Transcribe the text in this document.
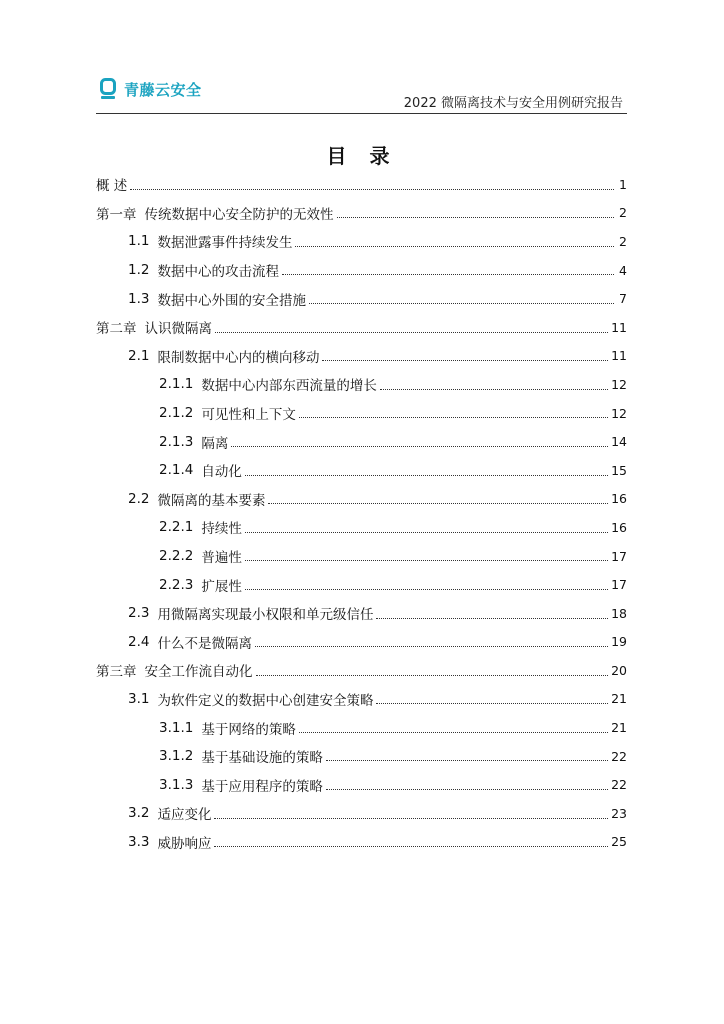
青藤云安全
2022 微隔离技术与安全用例研究报告
目 录
概 述	1
第一章 传统数据中心安全防护的无效性	2
1.1 数据泄露事件持续发生	2
1.2 数据中心的攻击流程	4
1.3 数据中心外围的安全措施	7
第二章 认识微隔离	11
2.1 限制数据中心内的横向移动	11
2.1.1 数据中心内部东西流量的增长	12
2.1.2 可见性和上下文	12
2.1.3 隔离	14
2.1.4 自动化	15
2.2 微隔离的基本要素	16
2.2.1 持续性	16
2.2.2 普遍性	17
2.2.3 扩展性	17
2.3 用微隔离实现最小权限和单元级信任	18
2.4 什么不是微隔离	19
第三章 安全工作流自动化	20
3.1 为软件定义的数据中心创建安全策略	21
3.1.1 基于网络的策略	21
3.1.2 基于基础设施的策略	22
3.1.3 基于应用程序的策略	22
3.2 适应变化	23
3.3 威胁响应	25
